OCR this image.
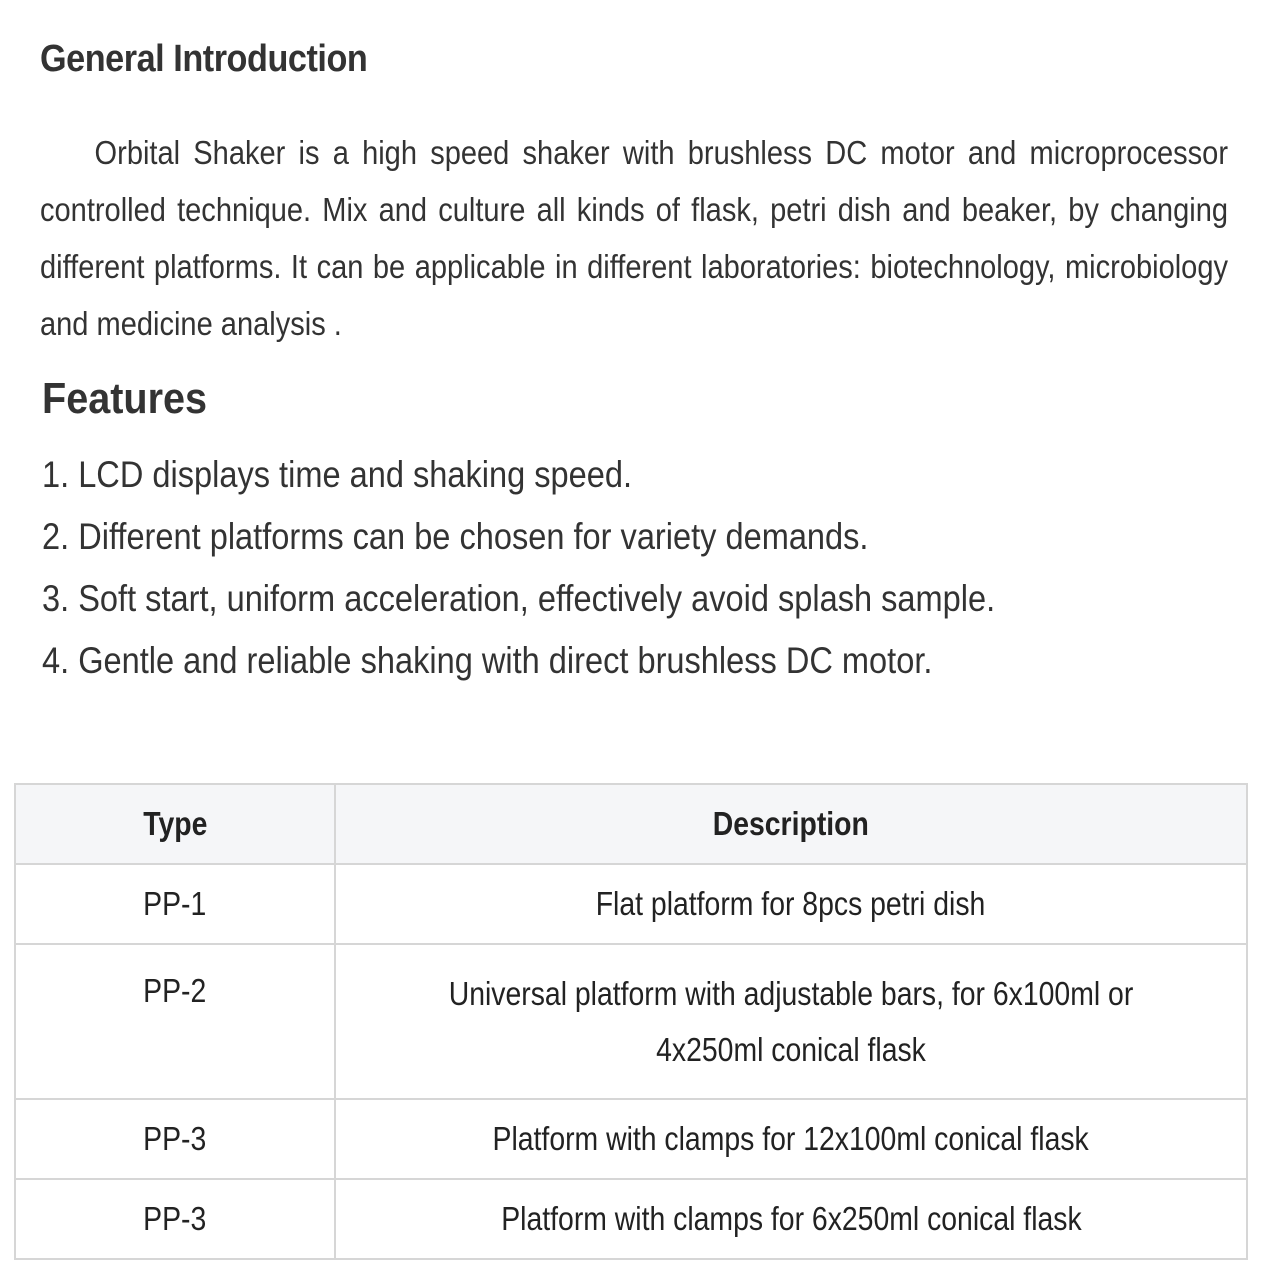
General Introduction

Orbital Shaker is a high speed shaker with brushless DC motor and microprocessor controlled technique. Mix and culture all kinds of flask, petri dish and beaker, by changing different platforms. It can be applicable in different laboratories: biotechnology, microbiology and medicine analysis .

Features
1. LCD displays time and shaking speed.
2. Different platforms can be chosen for variety demands.
3. Soft start, uniform acceleration, effectively avoid splash sample.
4. Gentle and reliable shaking with direct brushless DC motor.
Type	Description
PP-1	Flat platform for 8pcs petri dish
PP-2	Universal platform with adjustable bars, for 6x100ml or 4x250ml conical flask
PP-3	Platform with clamps for 12x100ml conical flask
PP-3	Platform with clamps for 6x250ml conical flask
